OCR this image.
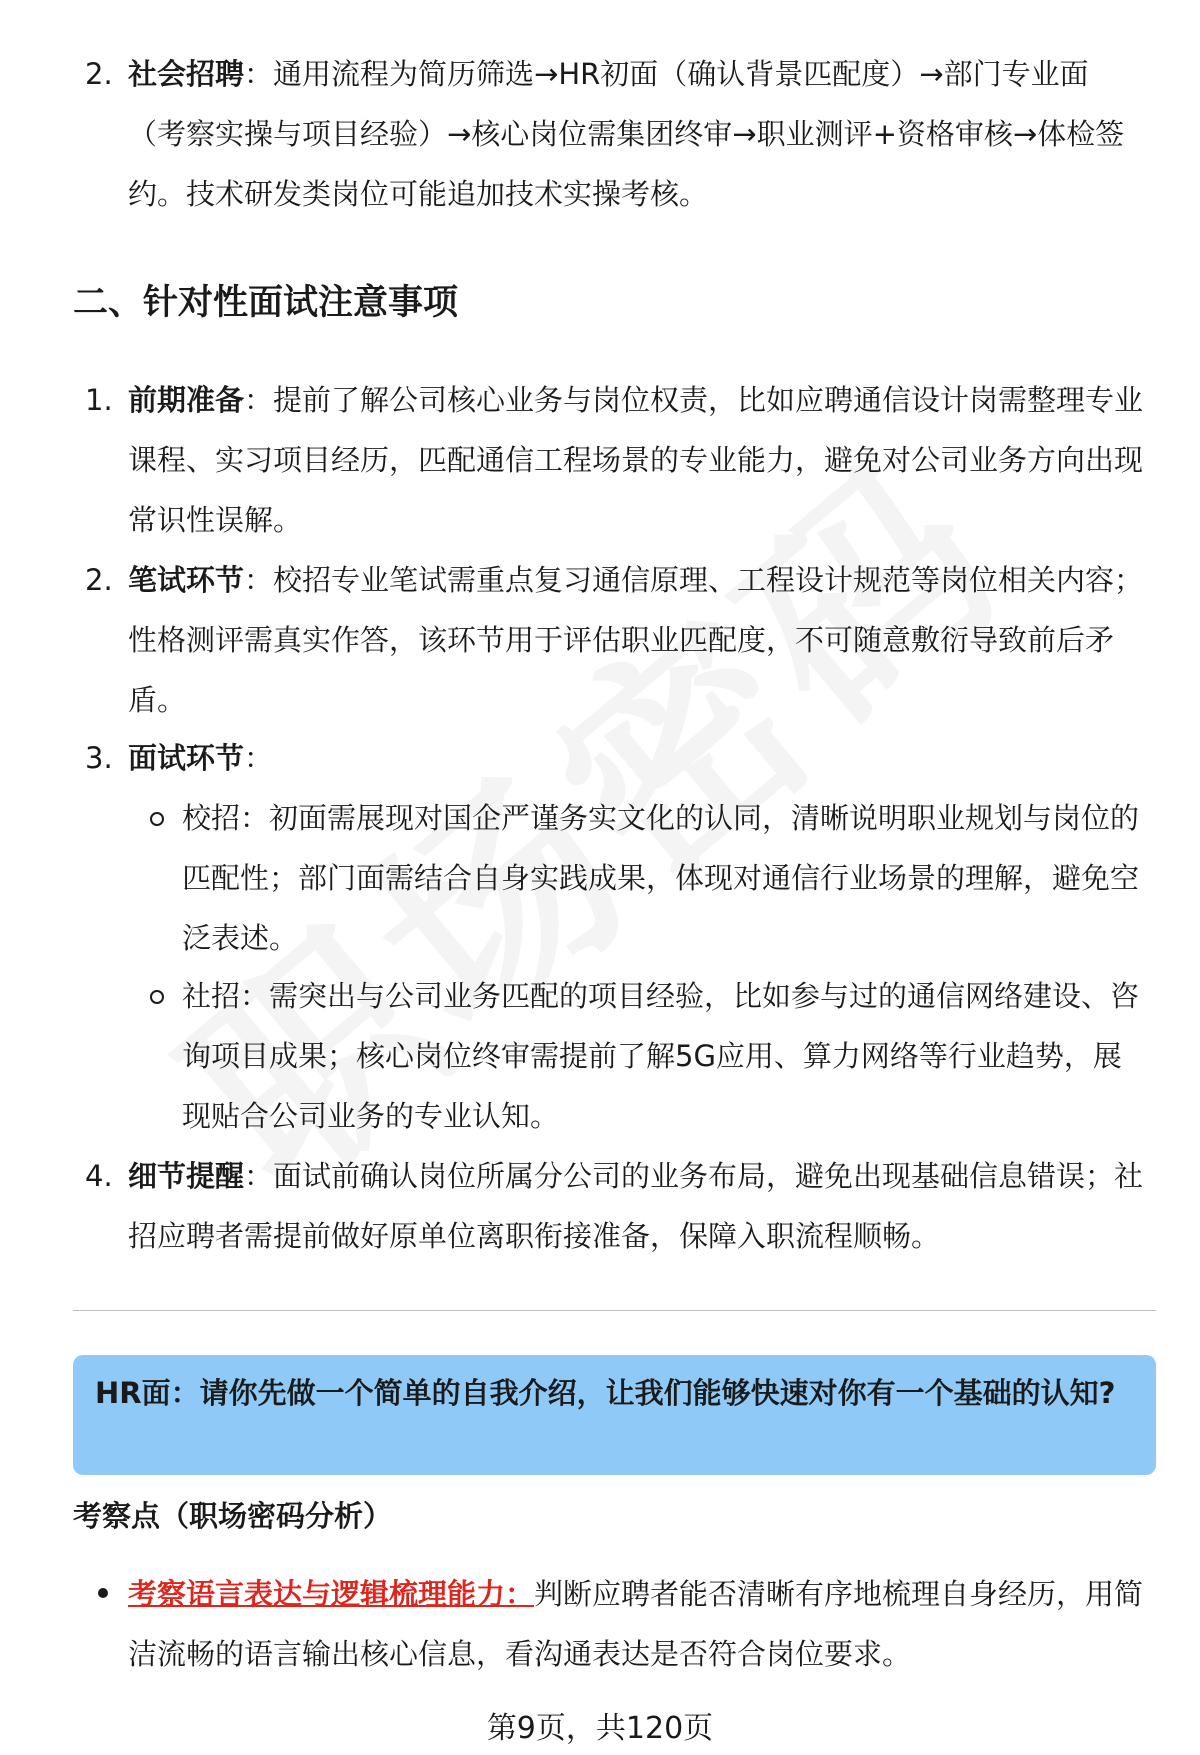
2. 社会招聘：通用流程为简历筛选→HR初面（确认背景匹配度）→部门专业面（考察实操与项目经验）→核心岗位需集团终审→职业测评+资格审核→体检签约。技术研发类岗位可能追加技术实操考核。
二、针对性面试注意事项
1. 前期准备：提前了解公司核心业务与岗位权责，比如应聘通信设计岗需整理专业课程、实习项目经历，匹配通信工程场景的专业能力，避免对公司业务方向出现常识性误解。
2. 笔试环节：校招专业笔试需重点复习通信原理、工程设计规范等岗位相关内容；性格测评需真实作答，该环节用于评估职业匹配度，不可随意敷衍导致前后矛盾。
3. 面试环节：
校招：初面需展现对国企严谨务实文化的认同，清晰说明职业规划与岗位的匹配性；部门面需结合自身实践成果，体现对通信行业场景的理解，避免空泛表述。
社招：需突出与公司业务匹配的项目经验，比如参与过的通信网络建设、咨询项目成果；核心岗位终审需提前了解5G应用、算力网络等行业趋势，展现贴合公司业务的专业认知。
4. 细节提醒：面试前确认岗位所属分公司的业务布局，避免出现基础信息错误；社招应聘者需提前做好原单位离职衔接准备，保障入职流程顺畅。
HR面：请你先做一个简单的自我介绍，让我们能够快速对你有一个基础的认知?
考察点（职场密码分析）
考察语言表达与逻辑梳理能力：判断应聘者能否清晰有序地梳理自身经历，用简洁流畅的语言输出核心信息，看沟通表达是否符合岗位要求。
第9页，共120页
